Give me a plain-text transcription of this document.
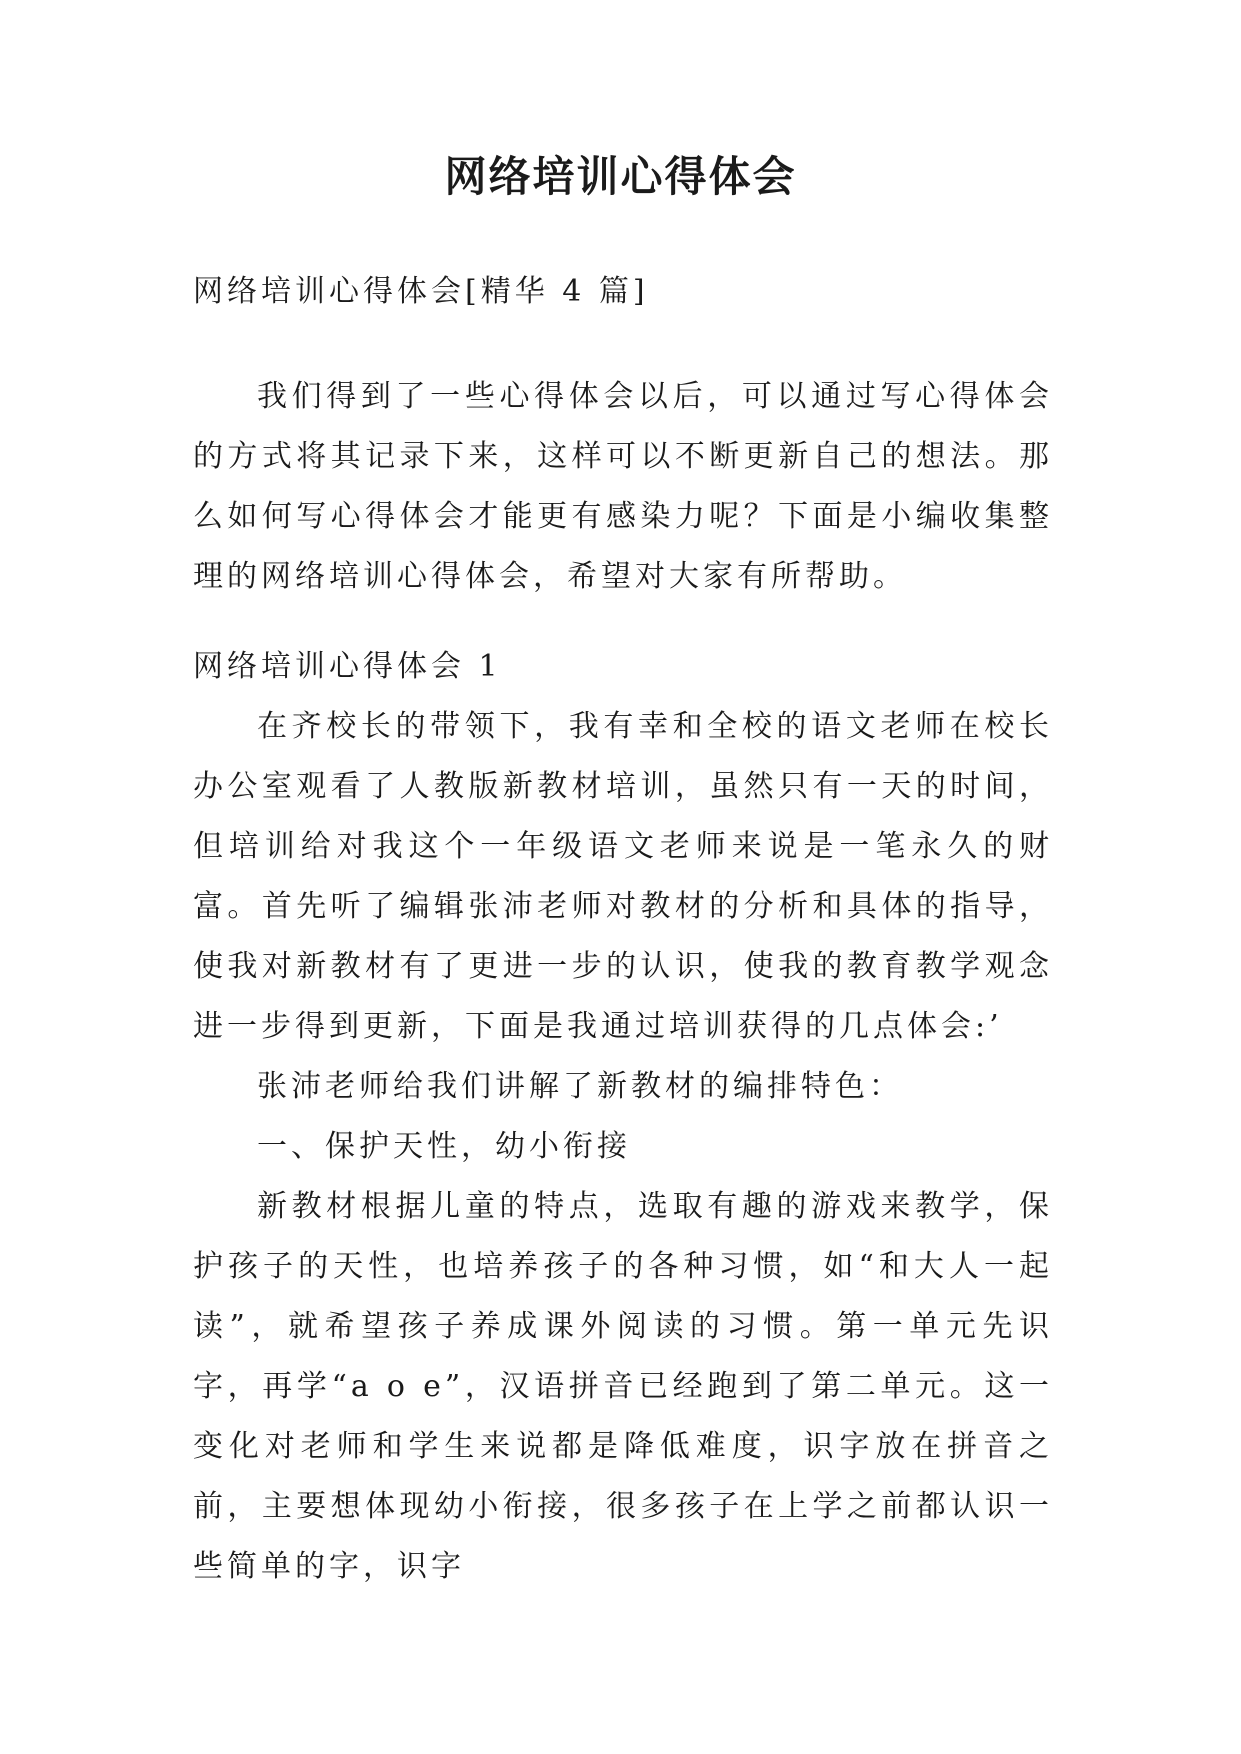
网络培训心得体会

网络培训心得体会[精华 4 篇]

我们得到了一些心得体会以后，可以通过写心得体会的方式将其记录下来，这样可以不断更新自己的想法。那么如何写心得体会才能更有感染力呢？下面是小编收集整理的网络培训心得体会，希望对大家有所帮助。

网络培训心得体会 1

在齐校长的带领下，我有幸和全校的语文老师在校长办公室观看了人教版新教材培训，虽然只有一天的时间，但培训给对我这个一年级语文老师来说是一笔永久的财富。首先听了编辑张沛老师对教材的分析和具体的指导，使我对新教材有了更进一步的认识，使我的教育教学观念进一步得到更新，下面是我通过培训获得的几点体会:’

张沛老师给我们讲解了新教材的编排特色：

一、保护天性，幼小衔接

新教材根据儿童的特点，选取有趣的游戏来教学，保护孩子的天性，也培养孩子的各种习惯，如“和大人一起读”，就希望孩子养成课外阅读的习惯。第一单元先识字，再学“a o e”，汉语拼音已经跑到了第二单元。这一变化对老师和学生来说都是降低难度，识字放在拼音之前，主要想体现幼小衔接，很多孩子在上学之前都认识一些简单的字，识字
